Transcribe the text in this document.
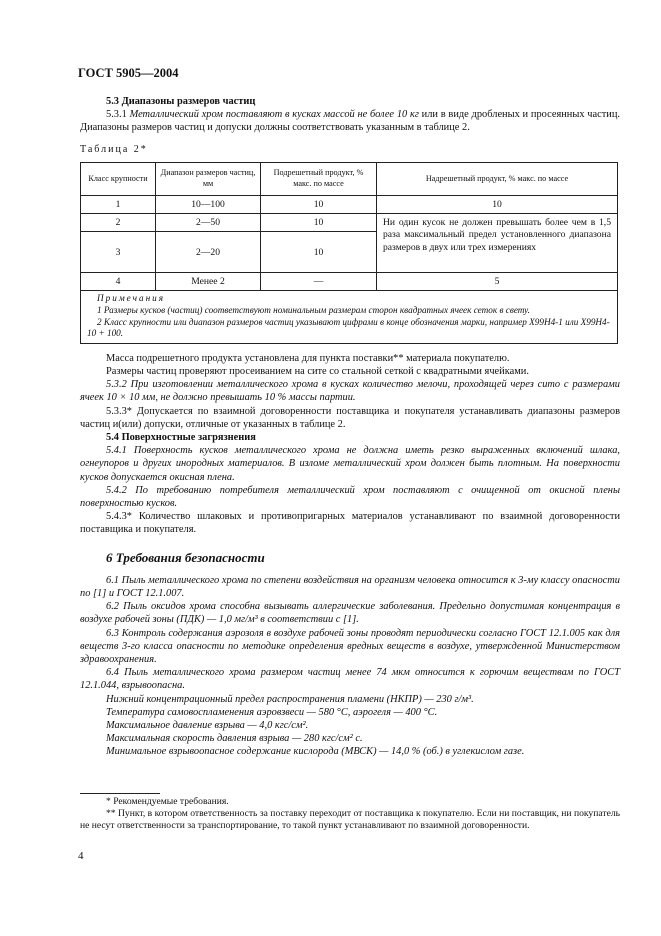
ГОСТ 5905—2004
5.3 Диапазоны размеров частиц

5.3.1 Металлический хром поставляют в кусках массой не более 10 кг или в виде дробленых и просеянных частиц. Диапазоны размеров частиц и допуски должны соответствовать указанным в таблице 2.

Таблица 2*
Класс крупности	Диапазон размеров частиц, мм	Подрешетный продукт, % макс. по массе	Надрешетный продукт, % макс. по массе
1	10—100	10	10
2	2—50	10	Ни один кусок не должен превышать более чем в 1,5 раза максимальный предел установленного диапазона размеров в двух или трех измерениях
3	2—20	10	
4	Менее 2	—	5

Примечания
1 Размеры кусков (частиц) соответствуют номинальным размерам сторон квадратных ячеек сеток в свету.
2 Класс крупности или диапазон размеров частиц указывают цифрами в конце обозначения марки, например Х99Н4-1 или Х99Н4-10 + 100.			

Масса подрешетного продукта установлена для пункта поставки** материала покупателю.

Размеры частиц проверяют просеиванием на сите со стальной сеткой с квадратными ячейками.

5.3.2 При изготовлении металлического хрома в кусках количество мелочи, проходящей через сито с размерами ячеек 10 × 10 мм, не должно превышать 10 % массы партии.

5.3.3* Допускается по взаимной договоренности поставщика и покупателя устанавливать диапазоны размеров частиц и(или) допуски, отличные от указанных в таблице 2.

5.4 Поверхностные загрязнения

5.4.1 Поверхность кусков металлического хрома не должна иметь резко выраженных включений шлака, огнеупоров и других инородных материалов. В изломе металлический хром должен быть плотным. На поверхности кусков допускается окисная плена.

5.4.2 По требованию потребителя металлический хром поставляют с очищенной от окисной плены поверхностью кусков.

5.4.3* Количество шлаковых и противопригарных материалов устанавливают по взаимной договоренности поставщика и покупателя.

6 Требования безопасности

6.1 Пыль металлического хрома по степени воздействия на организм человека относится к 3-му классу опасности по [1] и ГОСТ 12.1.007.

6.2 Пыль оксидов хрома способна вызывать аллергические заболевания. Предельно допустимая концентрация в воздухе рабочей зоны (ПДК) — 1,0 мг/м³ в соответствии с [1].

6.3 Контроль содержания аэрозоля в воздухе рабочей зоны проводят периодически согласно ГОСТ 12.1.005 как для веществ 3-го класса опасности по методике определения вредных веществ в воздухе, утвержденной Министерством здравоохранения.

6.4 Пыль металлического хрома размером частиц менее 74 мкм относится к горючим веществам по ГОСТ 12.1.044, взрывоопасна.

Нижний концентрационный предел распространения пламени (НКПР) — 230 г/м³.

Температура самовоспламенения аэровзвеси — 580 °С, аэрогеля — 400 °С.

Максимальное давление взрыва — 4,0 кгс/см².

Максимальная скорость давления взрыва — 280 кгс/см² с.

Минимальное взрывоопасное содержание кислорода (МВСК) — 14,0 % (об.) в углекислом газе.

* Рекомендуемые требования.

** Пункт, в котором ответственность за поставку переходит от поставщика к покупателю. Если ни поставщик, ни покупатель не несут ответственности за транспортирование, то такой пункт устанавливают по взаимной договоренности.

4
